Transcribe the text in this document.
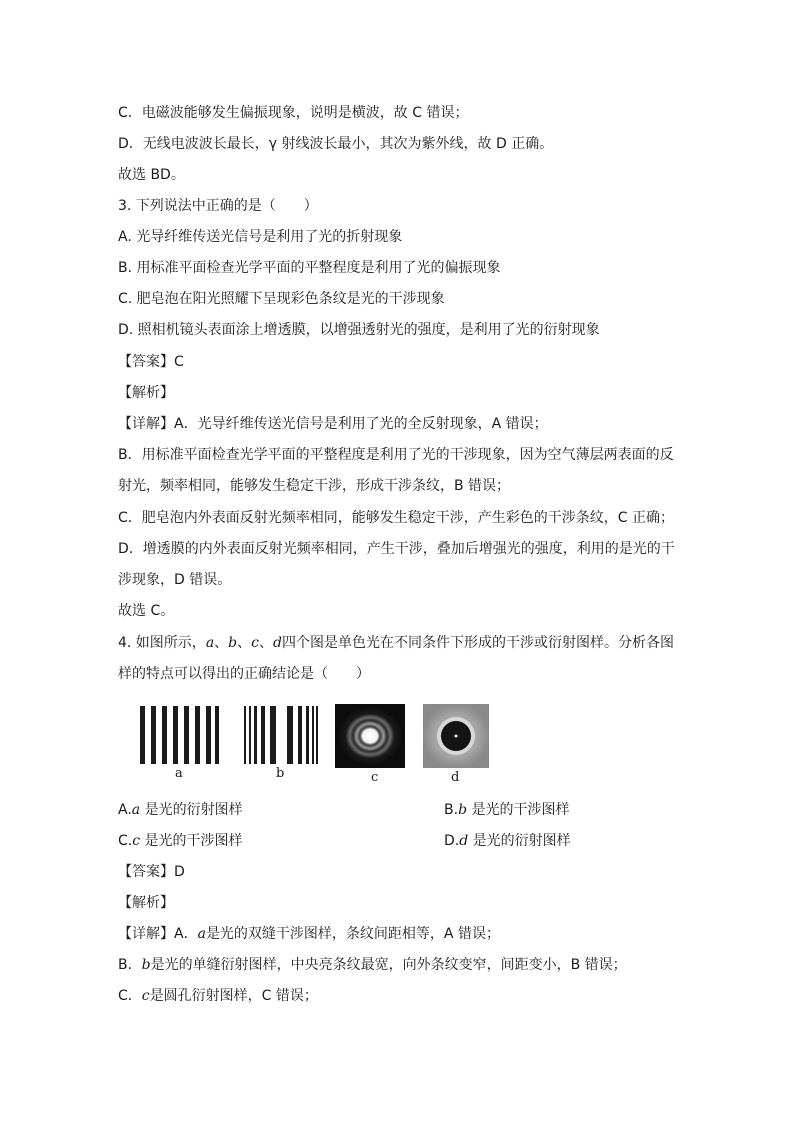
C．电磁波能够发生偏振现象，说明是横波，故 C 错误；
D．无线电波波长最长，γ 射线波长最小，其次为紫外线，故 D 正确。
故选 BD。
3. 下列说法中正确的是（　　）
A. 光导纤维传送光信号是利用了光的折射现象
B. 用标准平面检查光学平面的平整程度是利用了光的偏振现象
C. 肥皂泡在阳光照耀下呈现彩色条纹是光的干涉现象
D. 照相机镜头表面涂上增透膜，以增强透射光的强度，是利用了光的衍射现象
【答案】C
【解析】
【详解】A．光导纤维传送光信号是利用了光的全反射现象，A 错误；
B．用标准平面检查光学平面的平整程度是利用了光的干涉现象，因为空气薄层两表面的反
射光，频率相同，能够发生稳定干涉，形成干涉条纹，B 错误；
C．肥皂泡内外表面反射光频率相同，能够发生稳定干涉，产生彩色的干涉条纹，C 正确；
D．增透膜的内外表面反射光频率相同，产生干涉，叠加后增强光的强度，利用的是光的干
涉现象，D 错误。
故选 C。
4. 如图所示，a、b、c、d四个图是单色光在不同条件下形成的干涉或衍射图样。分析各图
样的特点可以得出的正确结论是（　　）
a	b	c	d
A.a 是光的衍射图样	B.b 是光的干涉图样
C.c 是光的干涉图样	D.d 是光的衍射图样
【答案】D
【解析】
【详解】A．a是光的双缝干涉图样，条纹间距相等，A 错误；
B．b是光的单缝衍射图样，中央亮条纹最宽，向外条纹变窄，间距变小，B 错误；
C．c是圆孔衍射图样，C 错误；
